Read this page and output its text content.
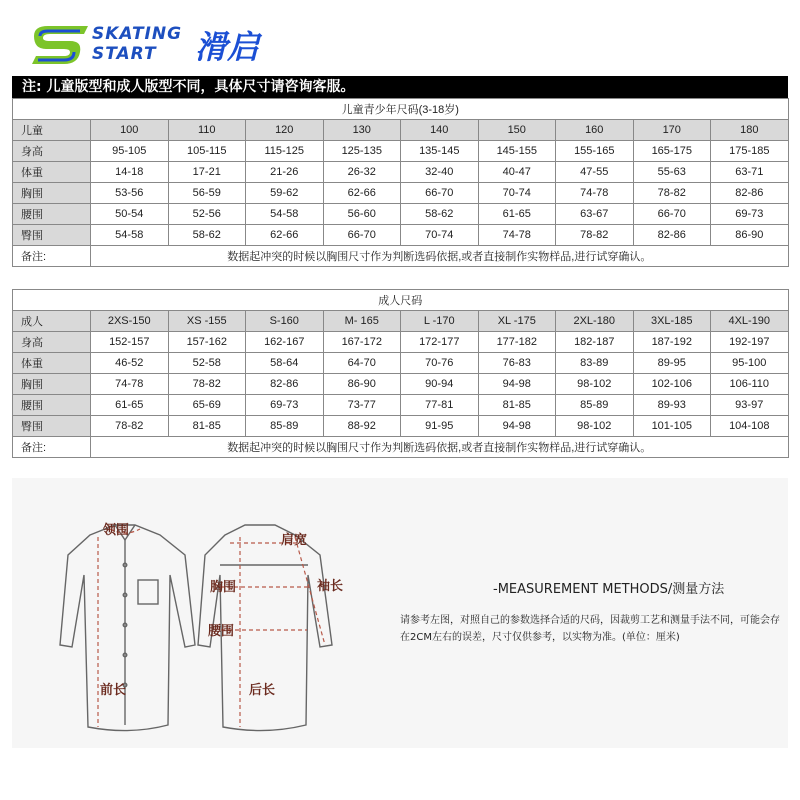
SKATING
START 滑启
注: 儿童版型和成人版型不同，具体尺寸请咨询客服。
儿童青少年尺码(3-18岁)									
儿童	100	110	120	130	140	150	160	170	180
身高	95-105	105-115	115-125	125-135	135-145	145-155	155-165	165-175	175-185
体重	14-18	17-21	21-26	26-32	32-40	40-47	47-55	55-63	63-71
胸围	53-56	56-59	59-62	62-66	66-70	70-74	74-78	78-82	82-86
腰围	50-54	52-56	54-58	56-60	58-62	61-65	63-67	66-70	69-73
臀围	54-58	58-62	62-66	66-70	70-74	74-78	78-82	82-86	86-90
备注:	数据起冲突的时候以胸围尺寸作为判断选码依据,或者直接制作实物样品,进行试穿确认。								
成人尺码									
成人	2XS-150	XS -155	S-160	M- 165	L -170	XL -175	2XL-180	3XL-185	4XL-190
身高	152-157	157-162	162-167	167-172	172-177	177-182	182-187	187-192	192-197
体重	46-52	52-58	58-64	64-70	70-76	76-83	83-89	89-95	95-100
胸围	74-78	78-82	82-86	86-90	90-94	94-98	98-102	102-106	106-110
腰围	61-65	65-69	69-73	73-77	77-81	81-85	85-89	89-93	93-97
臀围	78-82	81-85	85-89	88-92	91-95	94-98	98-102	101-105	104-108
备注:	数据起冲突的时候以胸围尺寸作为判断选码依据,或者直接制作实物样品,进行试穿确认。								
领围
肩宽
袖长
胸围
腰围
前长	后长
-MEASUREMENT METHODS/测量方法
请参考左图，对照自己的参数选择合适的尺码，因裁剪工艺和测量手法不同，可能会存在2CM左右的误差，尺寸仅供参考，以实物为准。(单位：厘米)
